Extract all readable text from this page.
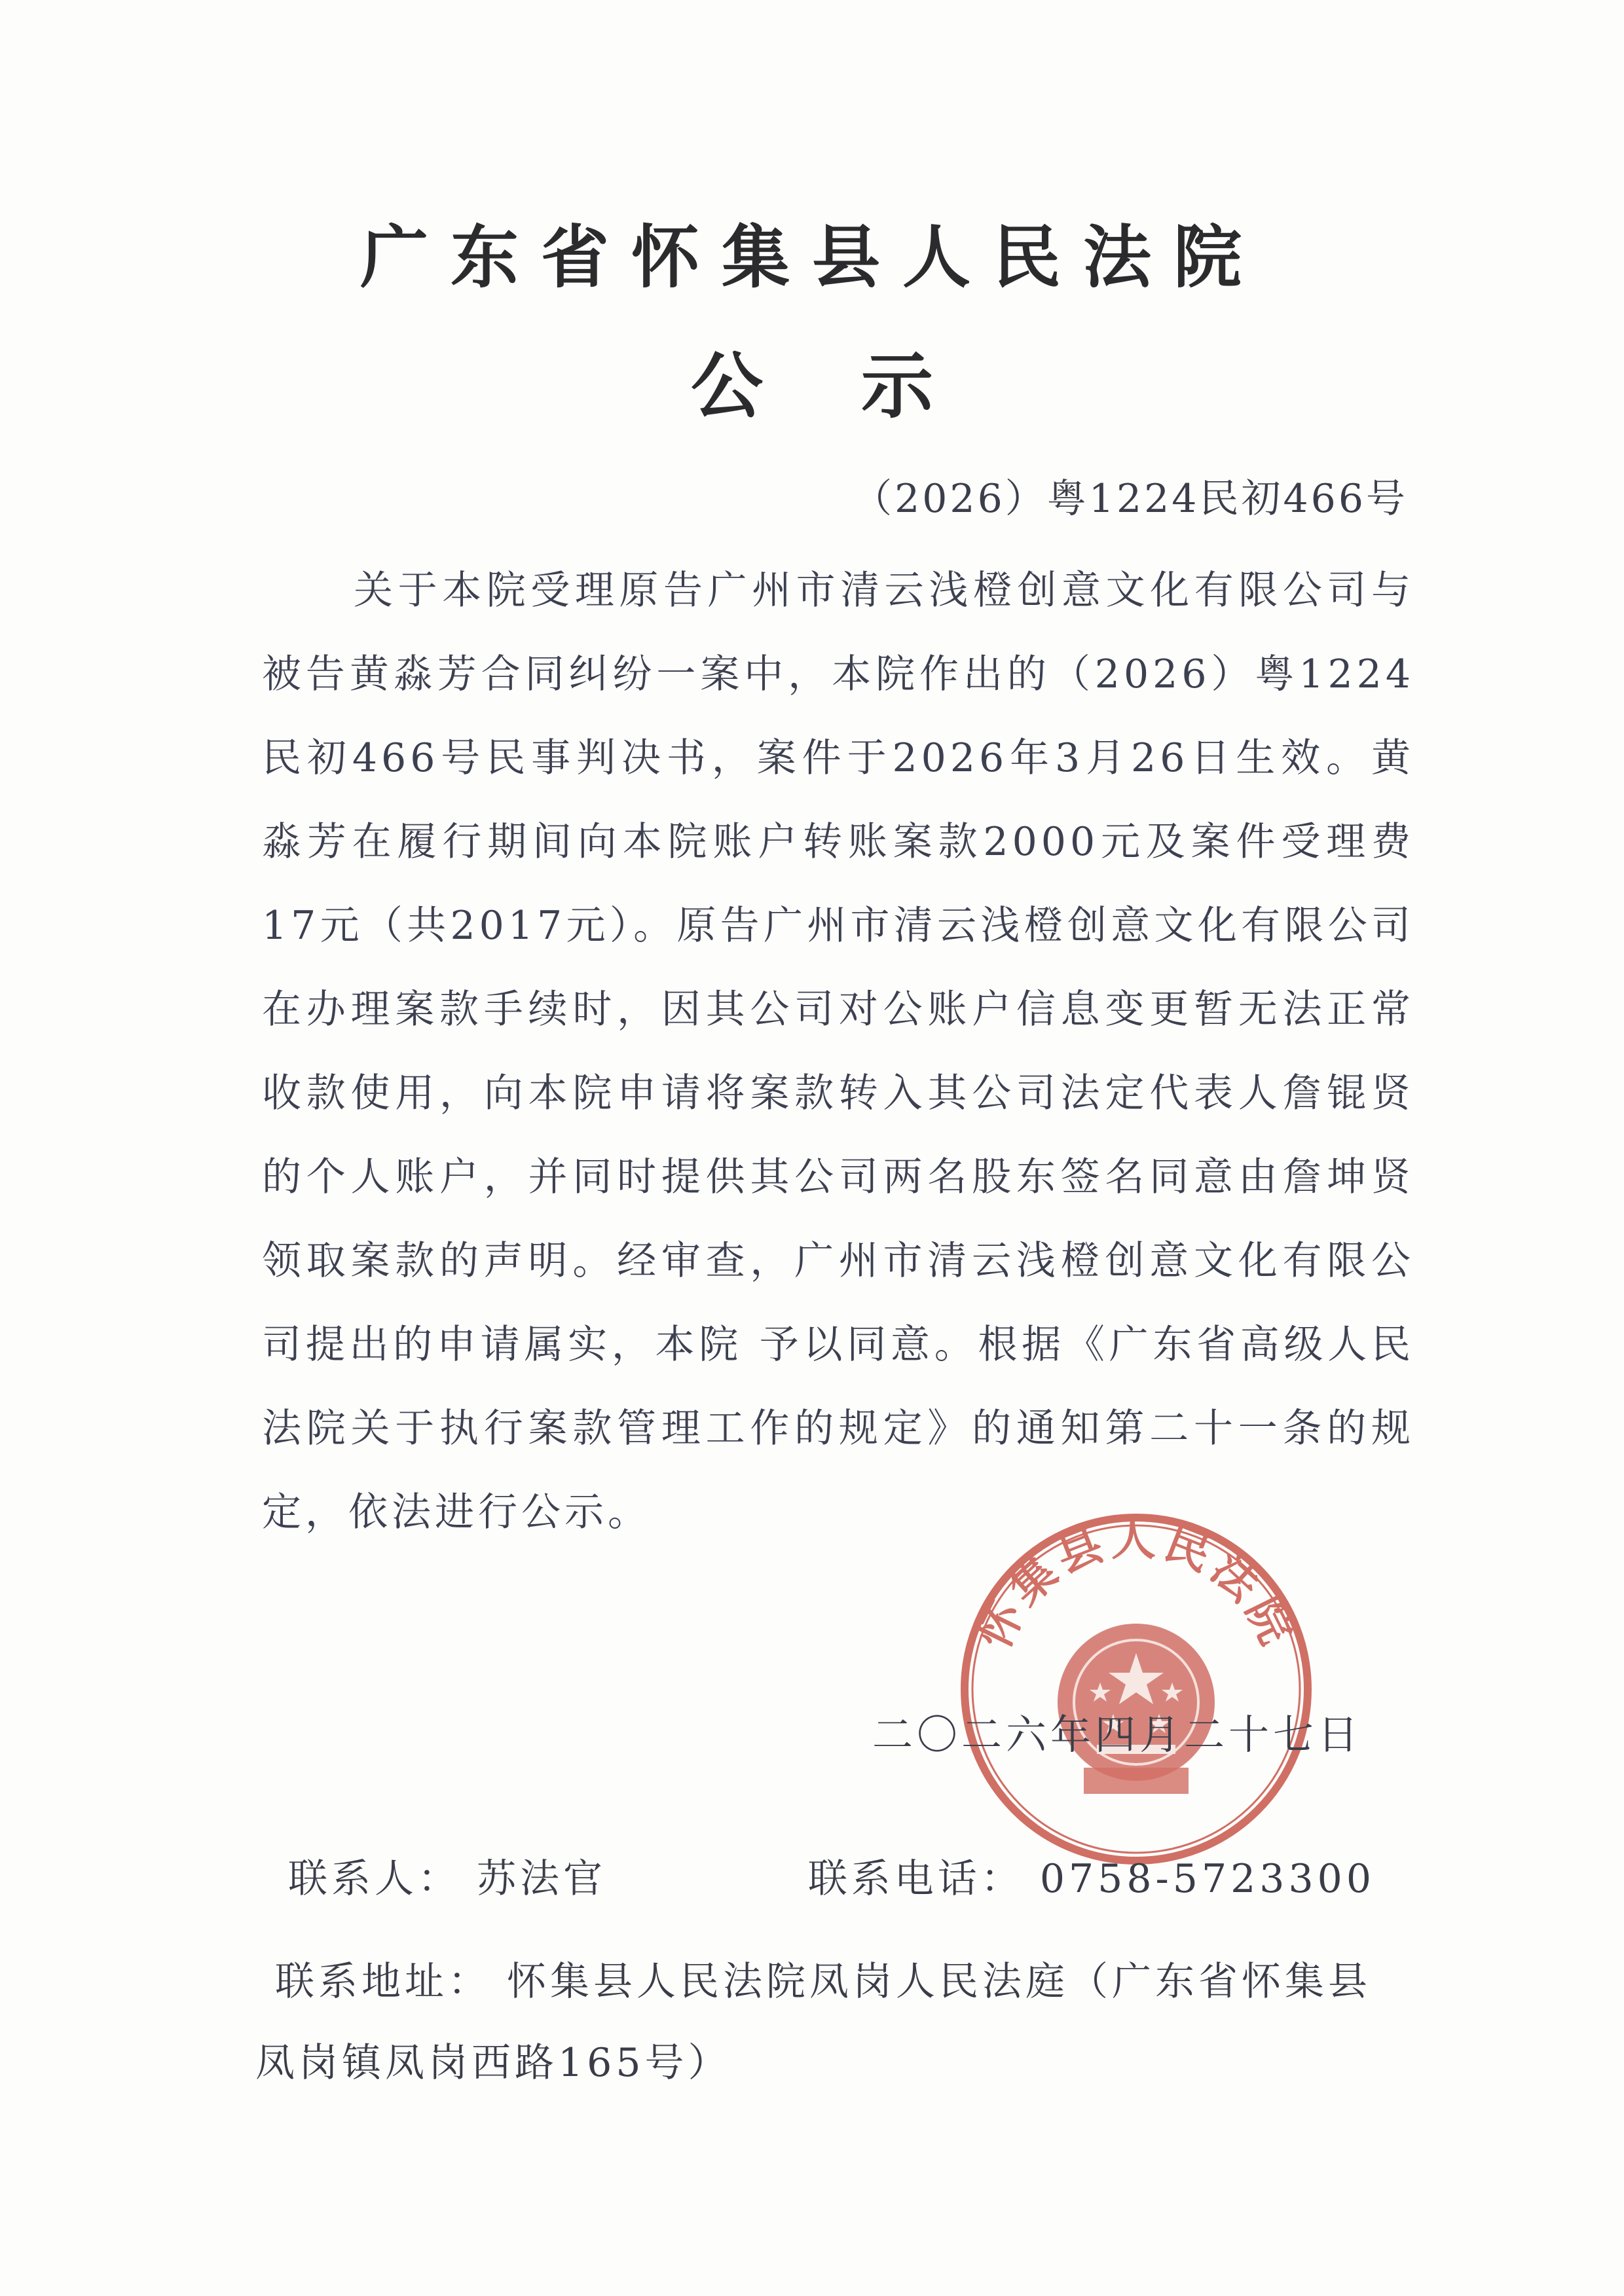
广东省怀集县人民法院
公示
（2026）粤1224民初466号

关于本院受理原告广州市清云浅橙创意文化有限公司与被告黄淼芳合同纠纷一案中，本院作出的（2026）粤1224民初466号民事判决书，案件于2026年3月26日生效。黄淼芳在履行期间向本院账户转账案款2000元及案件受理费17元（共2017元）。原告广州市清云浅橙创意文化有限公司在办理案款手续时，因其公司对公账户信息变更暂无法正常收款使用，向本院申请将案款转入其公司法定代表人詹锟贤的个人账户，并同时提供其公司两名股东签名同意由詹坤贤领取案款的声明。经审查，广州市清云浅橙创意文化有限公司提出的申请属实，本院 予以同意。根据《广东省高级人民法院关于执行案款管理工作的规定》的通知第二十一条的规定，依法进行公示。

怀集县人民法院
二〇二六年四月二十七日
联系人： 苏法官	联系电话： 0758-5723300
联系地址： 怀集县人民法院凤岗人民法庭（广东省怀集县凤岗镇凤岗西路165号）
